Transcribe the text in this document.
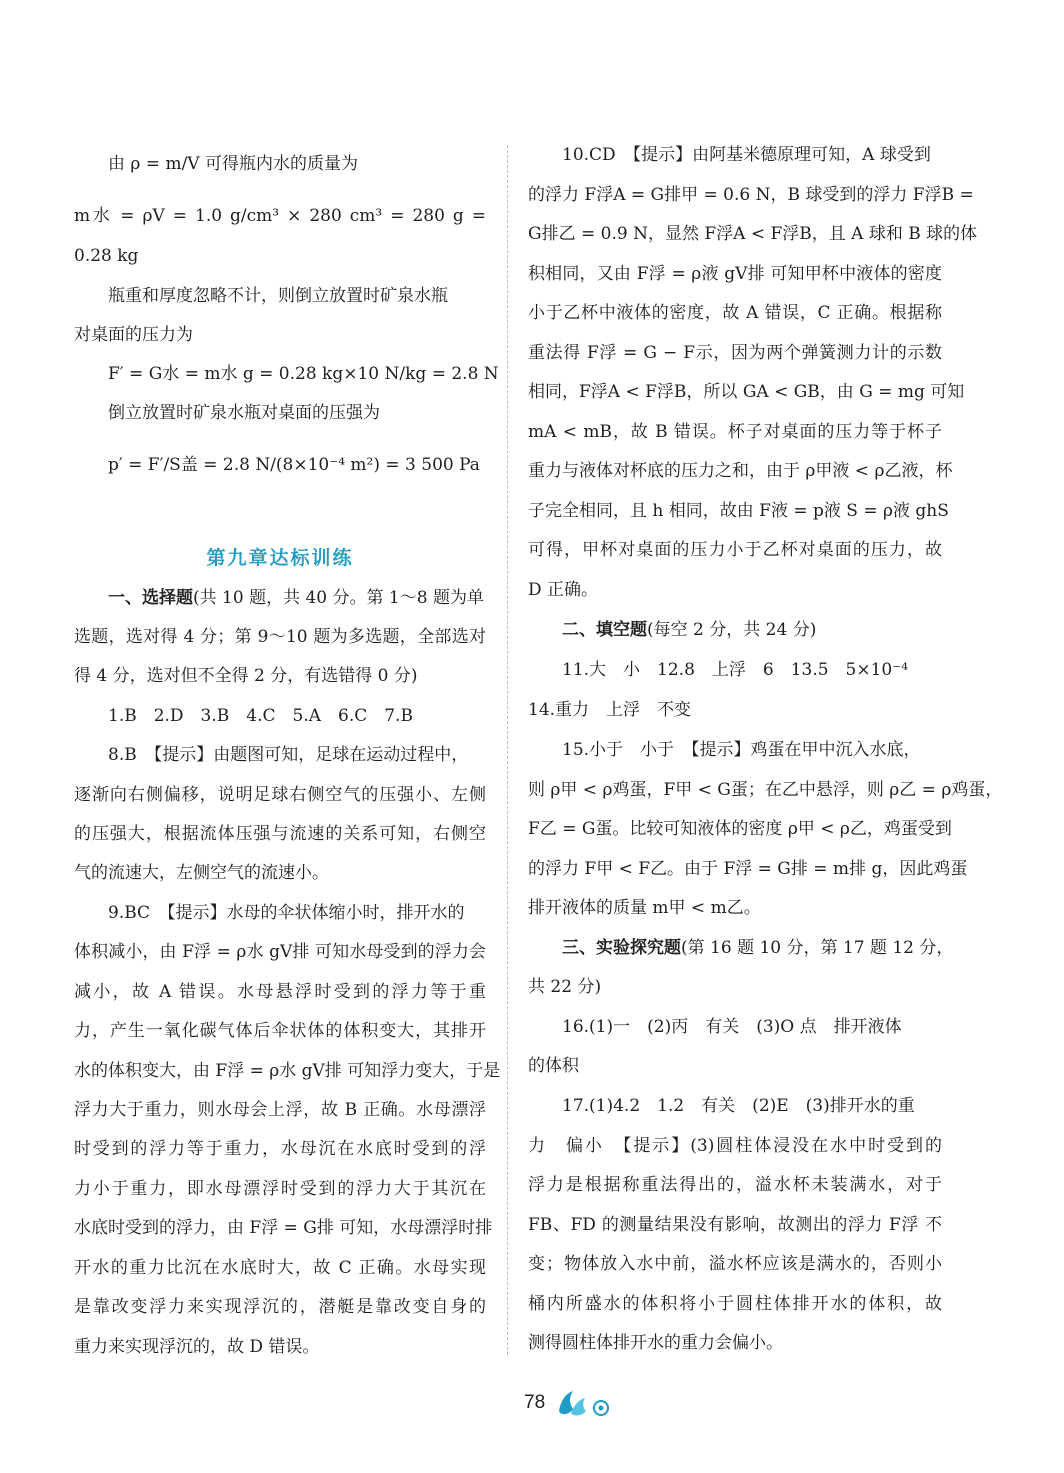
由 ρ = m/V 可得瓶内水的质量为
m水 = ρV = 1.0 g/cm³ × 280 cm³ = 280 g =
0.28 kg
瓶重和厚度忽略不计，则倒立放置时矿泉水瓶
对桌面的压力为
F′ = G水 = m水 g = 0.28 kg×10 N/kg = 2.8 N
倒立放置时矿泉水瓶对桌面的压强为
p′ = F′/S盖 = 2.8 N/(8×10⁻⁴ m²) = 3 500 Pa
第九章达标训练
一、选择题(共 10 题，共 40 分。第 1～8 题为单
选题，选对得 4 分；第 9～10 题为多选题，全部选对
得 4 分，选对但不全得 2 分，有选错得 0 分)
1.B　2.D　3.B　4.C　5.A　6.C　7.B
8.B　【提示】由题图可知，足球在运动过程中，
逐渐向右侧偏移，说明足球右侧空气的压强小、左侧
的压强大，根据流体压强与流速的关系可知，右侧空
气的流速大，左侧空气的流速小。
9.BC　【提示】水母的伞状体缩小时，排开水的
体积减小，由 F浮 = ρ水 gV排 可知水母受到的浮力会
减小，故 A 错误。水母悬浮时受到的浮力等于重
力，产生一氧化碳气体后伞状体的体积变大，其排开
水的体积变大，由 F浮 = ρ水 gV排 可知浮力变大，于是
浮力大于重力，则水母会上浮，故 B 正确。水母漂浮
时受到的浮力等于重力，水母沉在水底时受到的浮
力小于重力，即水母漂浮时受到的浮力大于其沉在
水底时受到的浮力，由 F浮 = G排 可知，水母漂浮时排
开水的重力比沉在水底时大，故 C 正确。水母实现
是靠改变浮力来实现浮沉的，潜艇是靠改变自身的
重力来实现浮沉的，故 D 错误。
10.CD　【提示】由阿基米德原理可知，A 球受到
的浮力 F浮A = G排甲 = 0.6 N，B 球受到的浮力 F浮B =
G排乙 = 0.9 N，显然 F浮A < F浮B，且 A 球和 B 球的体
积相同，又由 F浮 = ρ液 gV排 可知甲杯中液体的密度
小于乙杯中液体的密度，故 A 错误，C 正确。根据称
重法得 F浮 = G − F示，因为两个弹簧测力计的示数
相同，F浮A < F浮B，所以 GA < GB，由 G = mg 可知
mA < mB，故 B 错误。杯子对桌面的压力等于杯子
重力与液体对杯底的压力之和，由于 ρ甲液 < ρ乙液，杯
子完全相同，且 h 相同，故由 F液 = p液 S = ρ液 ghS
可得，甲杯对桌面的压力小于乙杯对桌面的压力，故
D 正确。
二、填空题(每空 2 分，共 24 分)
11.大　小　12.8　上浮　6　13.5　5×10⁻⁴
14.重力　上浮　不变
15.小于　小于　【提示】鸡蛋在甲中沉入水底，
则 ρ甲 < ρ鸡蛋，F甲 < G蛋；在乙中悬浮，则 ρ乙 = ρ鸡蛋，
F乙 = G蛋。比较可知液体的密度 ρ甲 < ρ乙，鸡蛋受到
的浮力 F甲 < F乙。由于 F浮 = G排 = m排 g，因此鸡蛋
排开液体的质量 m甲 < m乙。
三、实验探究题(第 16 题 10 分，第 17 题 12 分，
共 22 分)
16.(1)一　(2)丙　有关　(3)O 点　排开液体
的体积
17.(1)4.2　1.2　有关　(2)E　(3)排开水的重
力　偏小　【提示】(3)圆柱体浸没在水中时受到的
浮力是根据称重法得出的，溢水杯未装满水，对于
FB、FD 的测量结果没有影响，故测出的浮力 F浮 不
变；物体放入水中前，溢水杯应该是满水的，否则小
桶内所盛水的体积将小于圆柱体排开水的体积，故
测得圆柱体排开水的重力会偏小。
78
